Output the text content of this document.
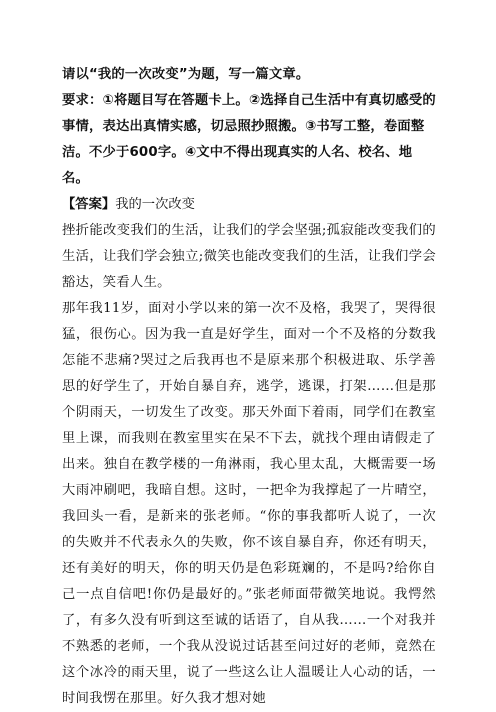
请以“我的一次改变”为题，写一篇文章。

要求：①将题目写在答题卡上。②选择自己生活中有真切感受的事情，表达出真情实感，切忌照抄照搬。③书写工整，卷面整洁。不少于600字。④文中不得出现真实的人名、校名、地名。

【答案】我的一次改变

挫折能改变我们的生活，让我们的学会坚强;孤寂能改变我们的生活，让我们学会独立;微笑也能改变我们的生活，让我们学会豁达，笑看人生。

那年我11岁，面对小学以来的第一次不及格，我哭了，哭得很猛，很伤心。因为我一直是好学生，面对一个不及格的分数我怎能不悲痛?哭过之后我再也不是原来那个积极进取、乐学善思的好学生了，开始自暴自弃，逃学，逃课，打架……但是那个阴雨天，一切发生了改变。那天外面下着雨，同学们在教室里上课，而我则在教室里实在呆不下去，就找个理由请假走了出来。独自在教学楼的一角淋雨，我心里太乱，大概需要一场大雨冲刷吧，我暗自想。这时，一把伞为我撑起了一片晴空，我回头一看，是新来的张老师。“你的事我都听人说了，一次的失败并不代表永久的失败，你不该自暴自弃，你还有明天，还有美好的明天，你的明天仍是色彩斑斓的，不是吗?给你自己一点自信吧!你仍是最好的。”张老师面带微笑地说。我愕然了，有多久没有听到这至诚的话语了，自从我……一个对我并不熟悉的老师，一个我从没说过话甚至问过好的老师，竟然在这个冰冷的雨天里，说了一些这么让人温暖让人心动的话，一时间我愣在那里。好久我才想对她
